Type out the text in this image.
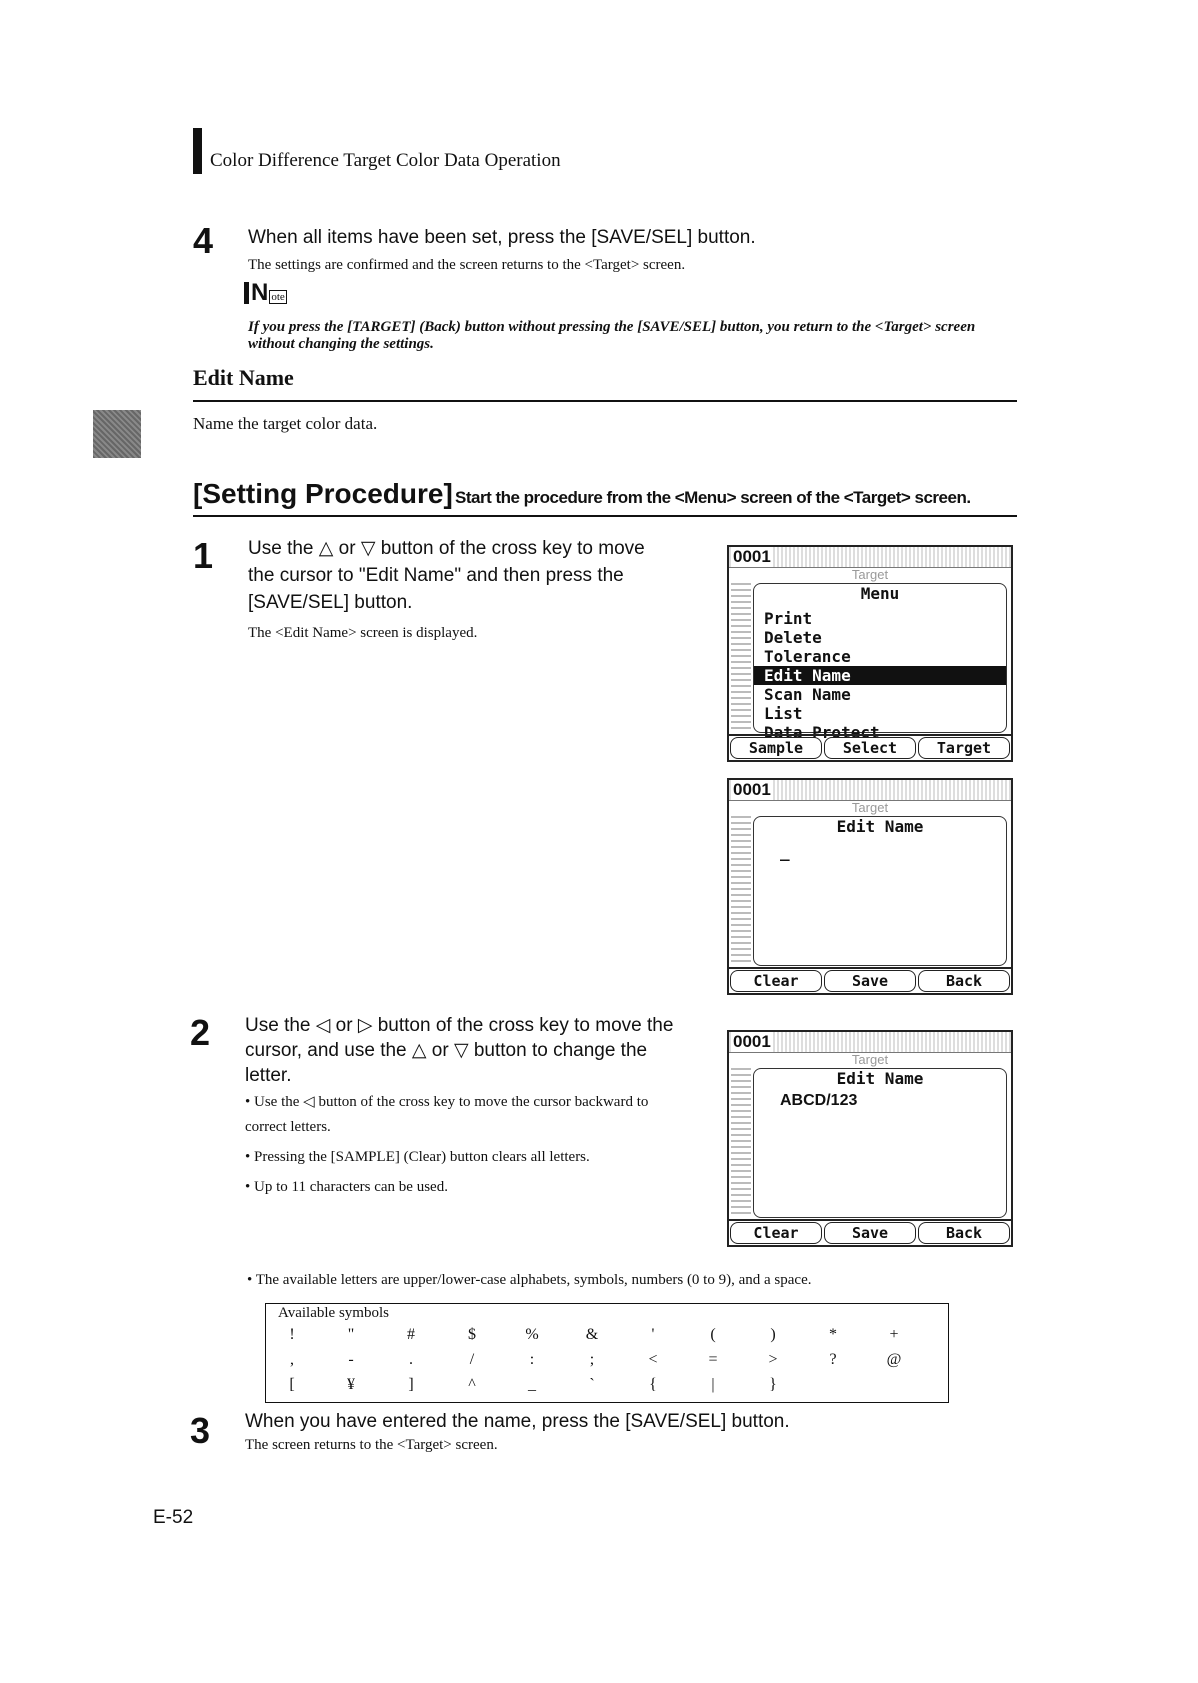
Color Difference Target Color Data Operation
4 When all items have been set, press the [SAVE/SEL] button.
The settings are confirmed and the screen returns to the <Target> screen.
N ote
If you press the [TARGET] (Back) button without pressing the [SAVE/SEL] button, you return to the <Target> screen without changing the settings.
Edit Name
Name the target color data.
[Setting Procedure] Start the procedure from the <Menu> screen of the <Target> screen.
1 Use the △ or ▽ button of the cross key to move the cursor to "Edit Name" and then press the [SAVE/SEL] button.
The <Edit Name> screen is displayed.
0001
Target
Menu
Print
Delete
Tolerance
Edit Name
Scan Name
List
Data Protect
Sample	Select	Target
0001
Target
Edit Name
_
Clear	Save	Back
2 Use the ◁ or ▷ button of the cross key to move the cursor, and use the △ or ▽ button to change the letter.
• Use the ◁ button of the cross key to move the cursor backward to correct letters.
• Pressing the [SAMPLE] (Clear) button clears all letters.
• Up to 11 characters can be used.
0001
Target
Edit Name
ABCD/123
Clear	Save	Back
• The available letters are upper/lower-case alphabets, symbols, numbers (0 to 9), and a space.
Available symbols
!	"	#	$	%	&	'	(	)	*	+
,	-	.	/	:	;	<	=	>	?	@
[	¥	]	^	_	`	{	|	}
3 When you have entered the name, press the [SAVE/SEL] button.
The screen returns to the <Target> screen.
E-52
